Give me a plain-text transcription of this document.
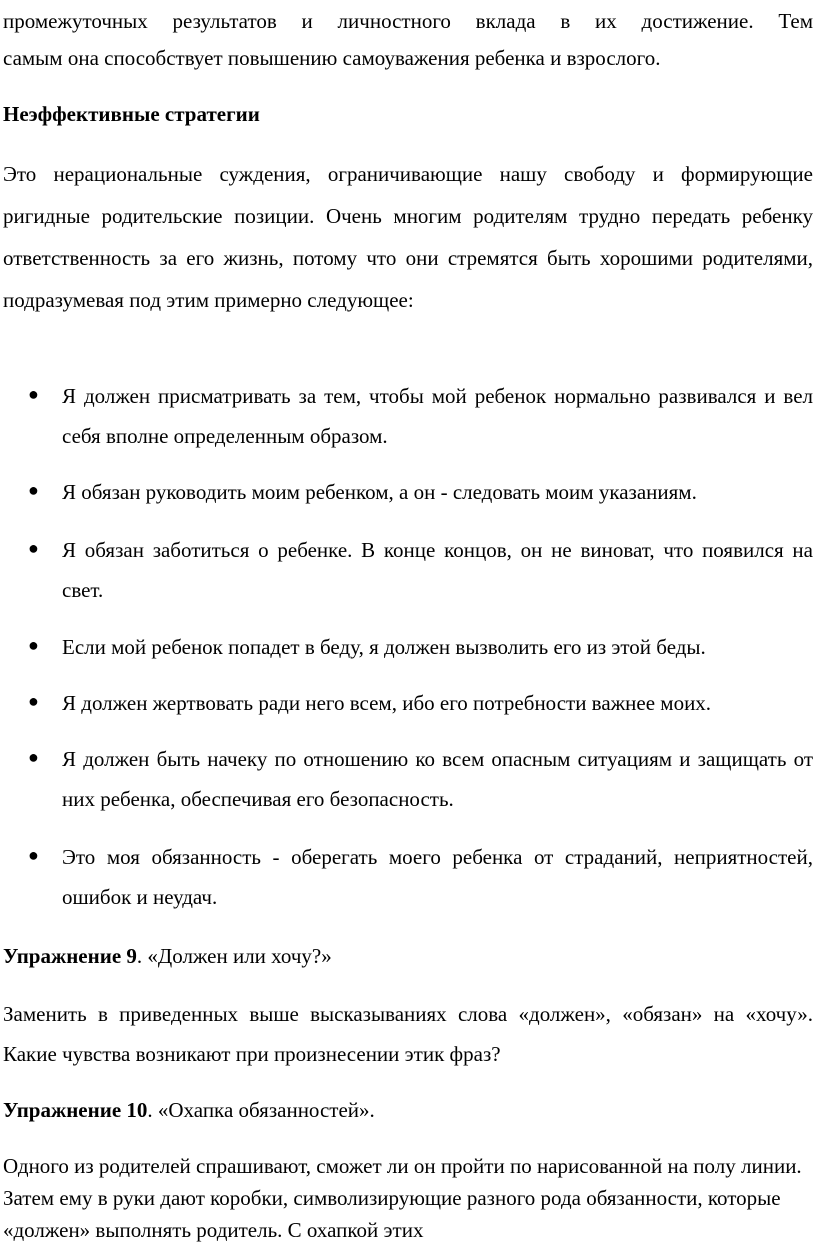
промежуточных результатов и личностного вклада в их достижение. Тем

самым она способствует повышению самоуважения ребенка и взрослого.

Неэффективные стратегии

Это нерациональные суждения, ограничивающие нашу свободу и формирующие ригидные родительские позиции. Очень многим родителям трудно передать ребенку ответственность за его жизнь, потому что они стремятся быть хорошими родителями, подразумевая под этим примерно следующее:

● Я должен присматривать за тем, чтобы мой ребенок нормально развивался и вел себя вполне определенным образом.
● Я обязан руководить моим ребенком, а он - следовать моим указаниям.
● Я обязан заботиться о ребенке. В конце концов, он не виноват, что появился на свет.
● Если мой ребенок попадет в беду, я должен вызволить его из этой беды.
● Я должен жертвовать ради него всем, ибо его потребности важнее моих.
● Я должен быть начеку по отношению ко всем опасным ситуациям и защищать от них ребенка, обеспечивая его безопасность.
● Это моя обязанность - оберегать моего ребенка от страданий, неприятностей, ошибок и неудач.

Упражнение 9. «Должен или хочу?»

Заменить в приведенных выше высказываниях слова «должен», «обязан» на «хочу». Какие чувства возникают при произнесении этик фраз?

Упражнение 10. «Охапка обязанностей».

Одного из родителей спрашивают, сможет ли он пройти по нарисованной на полу линии. Затем ему в руки дают коробки, символизирующие разного рода обязанности, которые «должен» выполнять родитель. С охапкой этих
